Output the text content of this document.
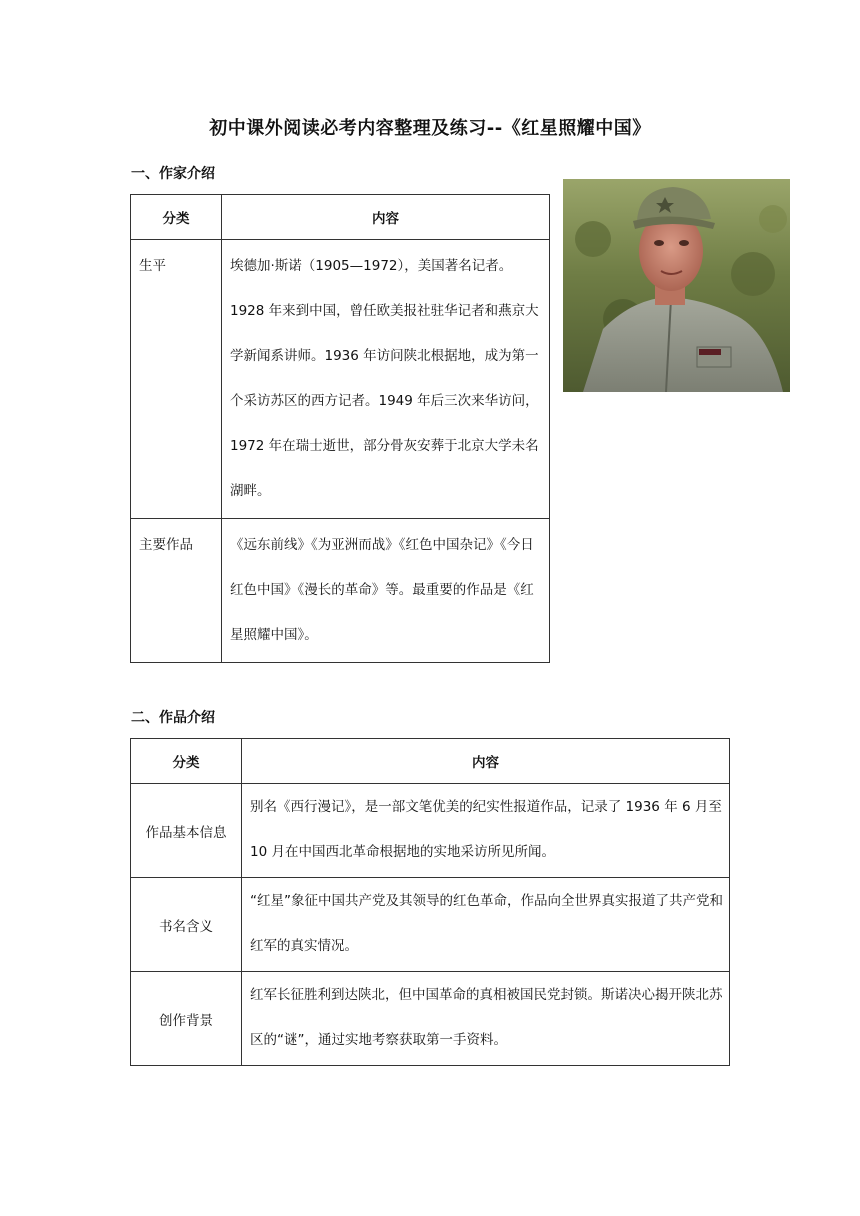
初中课外阅读必考内容整理及练习--《红星照耀中国》
一、作家介绍
分类	内容
生平	埃德加·斯诺（1905—1972），美国著名记者。1928 年来到中国，曾任欧美报社驻华记者和燕京大学新闻系讲师。1936 年访问陕北根据地，成为第一个采访苏区的西方记者。1949 年后三次来华访问，1972 年在瑞士逝世，部分骨灰安葬于北京大学未名湖畔。
主要作品	《远东前线》《为亚洲而战》《红色中国杂记》《今日红色中国》《漫长的革命》等。最重要的作品是《红星照耀中国》。
二、作品介绍
分类	内容
作品基本信息	别名《西行漫记》，是一部文笔优美的纪实性报道作品，记录了 1936 年 6 月至 10 月在中国西北革命根据地的实地采访所见所闻。
书名含义	“红星”象征中国共产党及其领导的红色革命，作品向全世界真实报道了共产党和红军的真实情况。
创作背景	红军长征胜利到达陕北，但中国革命的真相被国民党封锁。斯诺决心揭开陕北苏区的“谜”，通过实地考察获取第一手资料。
